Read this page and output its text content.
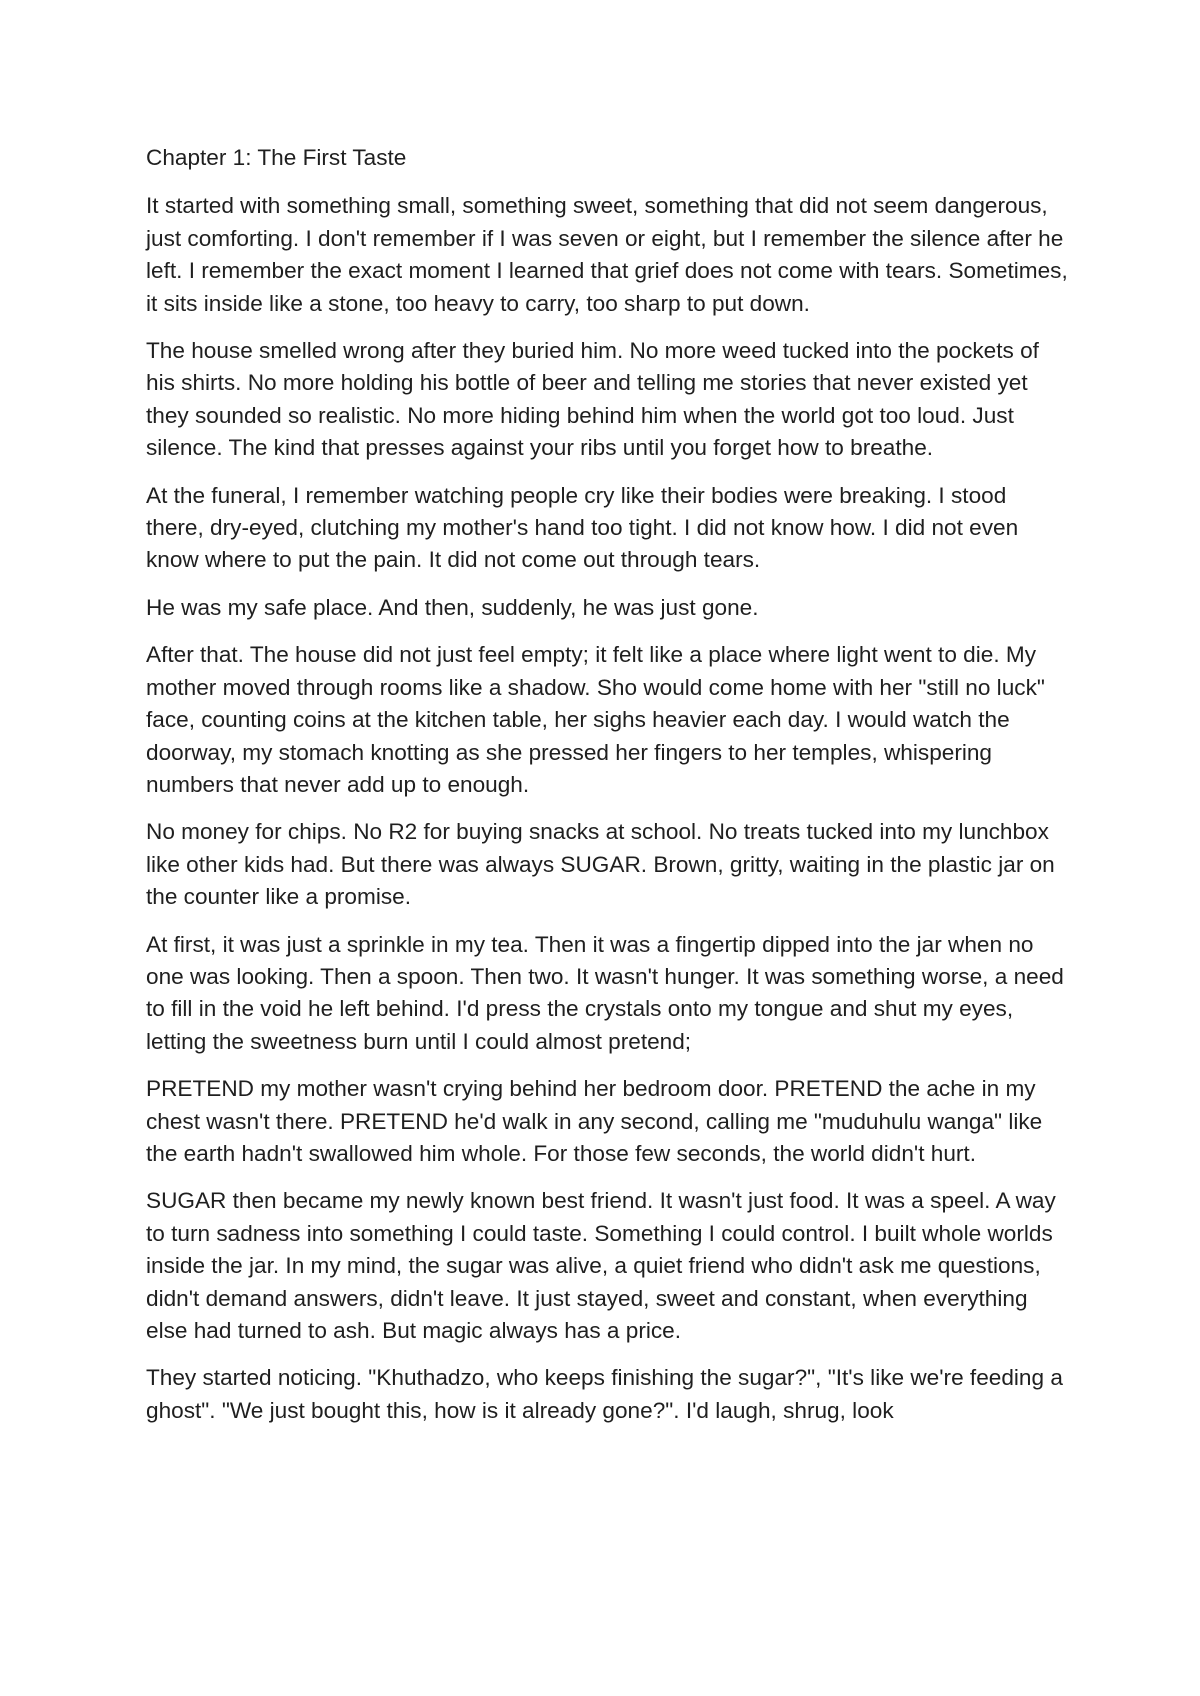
Chapter 1: The First Taste

It started with something small, something sweet, something that did not seem dangerous, just comforting. I don't remember if I was seven or eight, but I remember the silence after he left. I remember the exact moment I learned that grief does not come with tears. Sometimes, it sits inside like a stone, too heavy to carry, too sharp to put down.

The house smelled wrong after they buried him. No more weed tucked into the pockets of his shirts. No more holding his bottle of beer and telling me stories that never existed yet they sounded so realistic. No more hiding behind him when the world got too loud. Just silence. The kind that presses against your ribs until you forget how to breathe.

At the funeral, I remember watching people cry like their bodies were breaking. I stood there, dry-eyed, clutching my mother's hand too tight. I did not know how. I did not even know where to put the pain. It did not come out through tears.

He was my safe place. And then, suddenly, he was just gone.

After that. The house did not just feel empty; it felt like a place where light went to die. My mother moved through rooms like a shadow. Sho would come home with her "still no luck" face, counting coins at the kitchen table, her sighs heavier each day. I would watch the doorway, my stomach knotting as she pressed her fingers to her temples, whispering numbers that never add up to enough.

No money for chips. No R2 for buying snacks at school. No treats tucked into my lunchbox like other kids had. But there was always SUGAR. Brown, gritty, waiting in the plastic jar on the counter like a promise.

At first, it was just a sprinkle in my tea. Then it was a fingertip dipped into the jar when no one was looking. Then a spoon. Then two. It wasn't hunger. It was something worse, a need to fill in the void he left behind. I'd press the crystals onto my tongue and shut my eyes, letting the sweetness burn until I could almost pretend;

PRETEND my mother wasn't crying behind her bedroom door. PRETEND the ache in my chest wasn't there. PRETEND he'd walk in any second, calling me "muduhulu wanga" like the earth hadn't swallowed him whole. For those few seconds, the world didn't hurt.

SUGAR then became my newly known best friend. It wasn't just food. It was a speel. A way to turn sadness into something I could taste. Something I could control. I built whole worlds inside the jar. In my mind, the sugar was alive, a quiet friend who didn't ask me questions, didn't demand answers, didn't leave. It just stayed, sweet and constant, when everything else had turned to ash. But magic always has a price.

They started noticing. "Khuthadzo, who keeps finishing the sugar?", "It's like we're feeding a ghost". "We just bought this, how is it already gone?". I'd laugh, shrug, look
